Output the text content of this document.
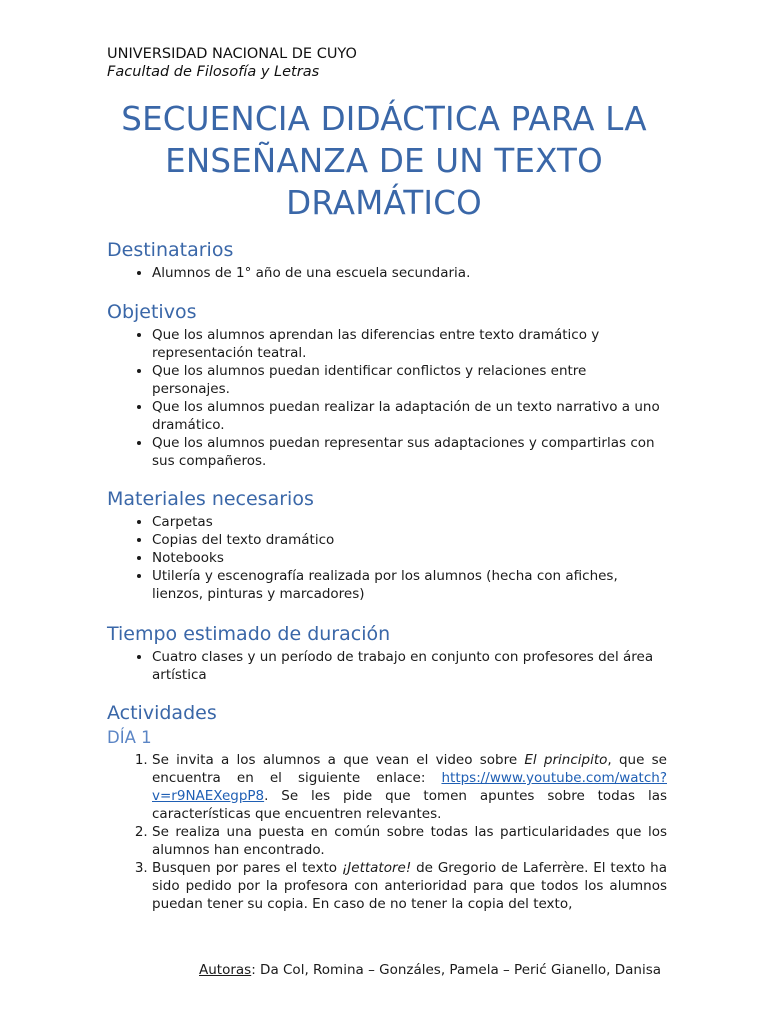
UNIVERSIDAD NACIONAL DE CUYO
Facultad de Filosofía y Letras
SECUENCIA DIDÁCTICA PARA LA ENSEÑANZA DE UN TEXTO DRAMÁTICO
Destinatarios
• Alumnos de 1° año de una escuela secundaria.
Objetivos
• Que los alumnos aprendan las diferencias entre texto dramático y representación teatral.
• Que los alumnos puedan identificar conflictos y relaciones entre personajes.
• Que los alumnos puedan realizar la adaptación de un texto narrativo a uno dramático.
• Que los alumnos puedan representar sus adaptaciones y compartirlas con sus compañeros.
Materiales necesarios
• Carpetas
• Copias del texto dramático
• Notebooks
• Utilería y escenografía realizada por los alumnos (hecha con afiches, lienzos, pinturas y marcadores)
Tiempo estimado de duración
• Cuatro clases y un período de trabajo en conjunto con profesores del área artística
Actividades
DÍA 1
1. Se invita a los alumnos a que vean el video sobre El principito, que se encuentra en el siguiente enlace: https://www.youtube.com/watch?v=r9NAEXegpP8. Se les pide que tomen apuntes sobre todas las características que encuentren relevantes.
2. Se realiza una puesta en común sobre todas las particularidades que los alumnos han encontrado.
3. Busquen por pares el texto ¡Jettatore! de Gregorio de Laferrère. El texto ha sido pedido por la profesora con anterioridad para que todos los alumnos puedan tener su copia. En caso de no tener la copia del texto,
Autoras: Da Col, Romina – Gonzáles, Pamela – Perić Gianello, Danisa
